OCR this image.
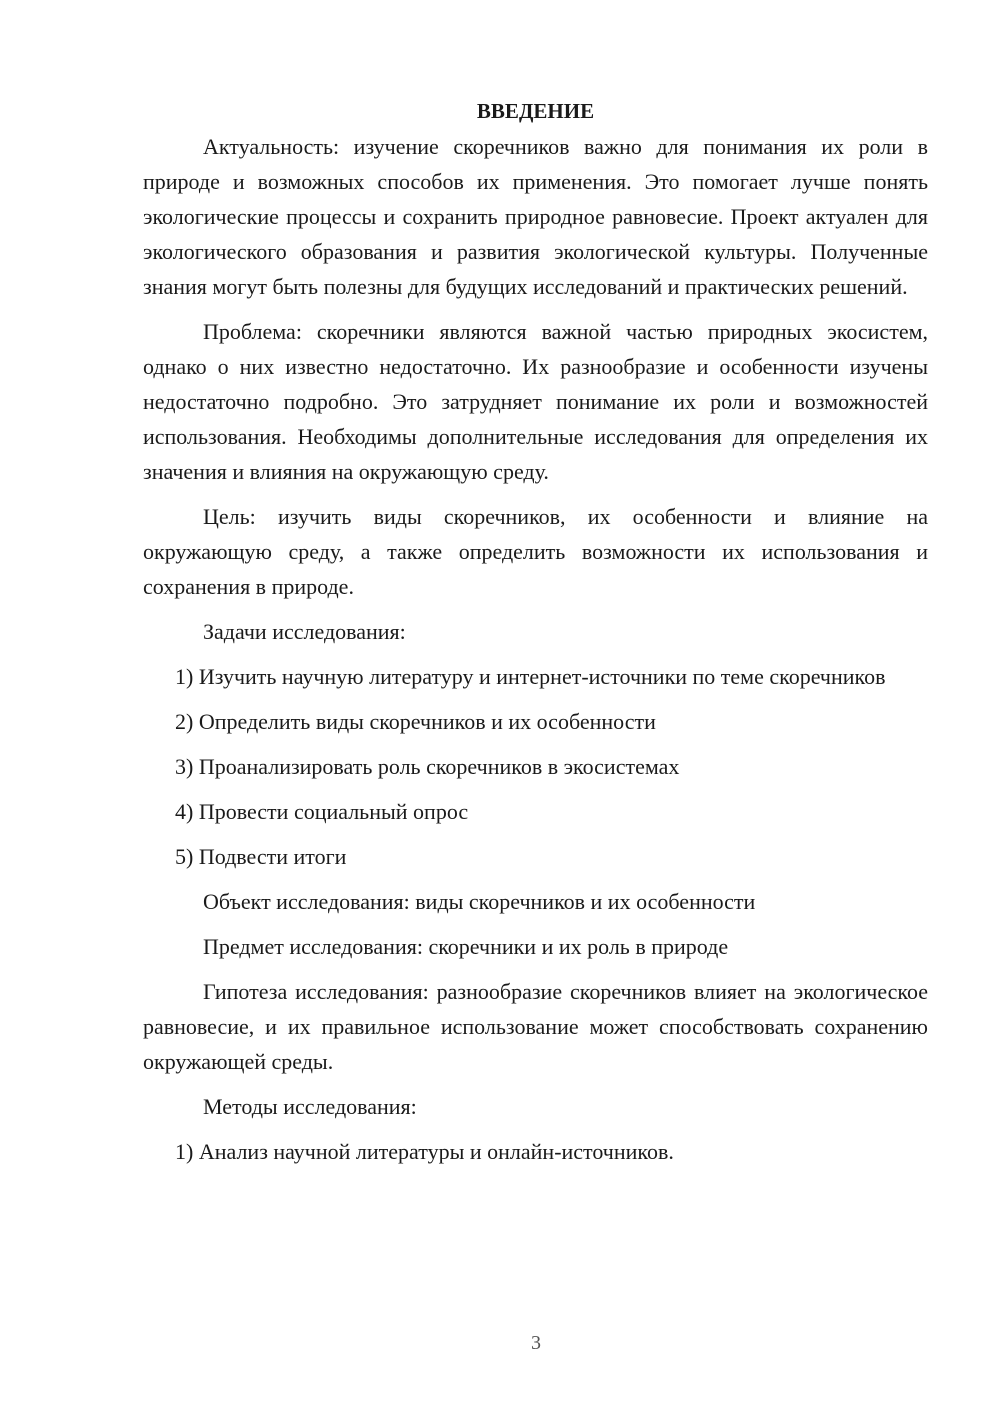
ВВЕДЕНИЕ

Актуальность: изучение скоречников важно для понимания их роли в природе и возможных способов их применения. Это помогает лучше понять экологические процессы и сохранить природное равновесие. Проект актуален для экологического образования и развития экологической культуры. Полученные знания могут быть полезны для будущих исследований и практических решений.

Проблема: скоречники являются важной частью природных экосистем, однако о них известно недостаточно. Их разнообразие и особенности изучены недостаточно подробно. Это затрудняет понимание их роли и возможностей использования. Необходимы дополнительные исследования для определения их значения и влияния на окружающую среду.

Цель: изучить виды скоречников, их особенности и влияние на окружающую среду, а также определить возможности их использования и сохранения в природе.

Задачи исследования:

1) Изучить научную литературу и интернет-источники по теме скоречников

2) Определить виды скоречников и их особенности

3) Проанализировать роль скоречников в экосистемах

4) Провести социальный опрос

5) Подвести итоги

Объект исследования: виды скоречников и их особенности

Предмет исследования: скоречники и их роль в природе

Гипотеза исследования: разнообразие скоречников влияет на экологическое равновесие, и их правильное использование может способствовать сохранению окружающей среды.

Методы исследования:

1) Анализ научной литературы и онлайн-источников.

3
